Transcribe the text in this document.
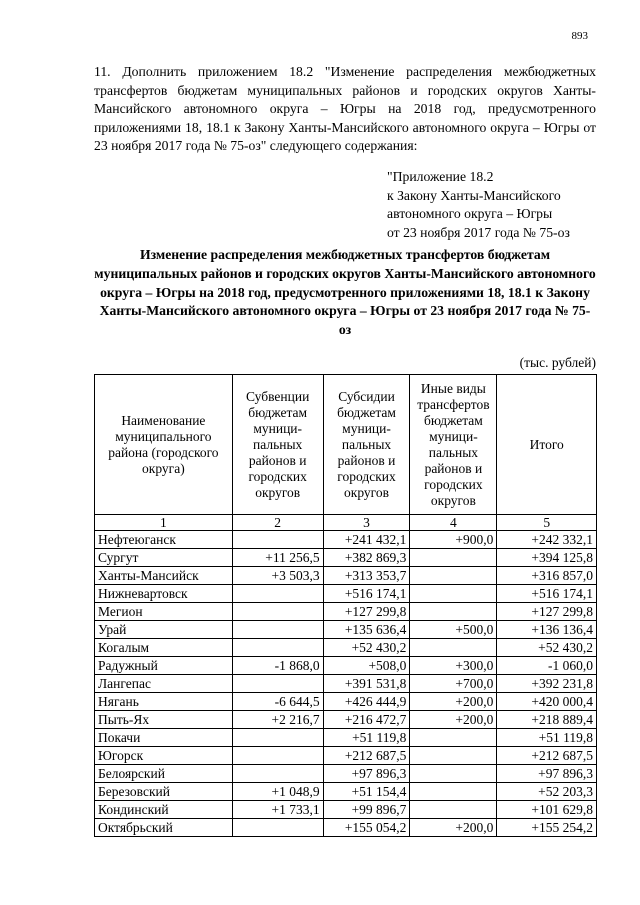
893
11. Дополнить приложением 18.2 "Изменение распределения межбюджетных трансфертов бюджетам муниципальных районов и городских округов Ханты-Мансийского автономного округа – Югры на 2018 год, предусмотренного приложениями 18, 18.1 к Закону Ханты-Мансийского автономного округа – Югры от 23 ноября 2017 года № 75-оз" следующего содержания:
"Приложение 18.2
к Закону Ханты-Мансийского
автономного округа – Югры
от 23 ноября 2017 года № 75-оз
Изменение распределения межбюджетных трансфертов бюджетам муниципальных районов и городских округов Ханты-Мансийского автономного округа – Югры на 2018 год, предусмотренного приложениями 18, 18.1 к Закону Ханты-Мансийского автономного округа – Югры от 23 ноября 2017 года № 75-оз
(тыс. рублей)
Наименование муниципального района (городского округа)	Субвенции бюджетам муници-пальных районов и городских округов	Субсидии бюджетам муници-пальных районов и городских округов	Иные виды трансфертов бюджетам муници-пальных районов и городских округов	Итого
1	2	3	4	5
Нефтеюганск		+241 432,1	+900,0	+242 332,1
Сургут	+11 256,5	+382 869,3		+394 125,8
Ханты-Мансийск	+3 503,3	+313 353,7		+316 857,0
Нижневартовск		+516 174,1		+516 174,1
Мегион		+127 299,8		+127 299,8
Урай		+135 636,4	+500,0	+136 136,4
Когалым		+52 430,2		+52 430,2
Радужный	-1 868,0	+508,0	+300,0	-1 060,0
Лангепас		+391 531,8	+700,0	+392 231,8
Нягань	-6 644,5	+426 444,9	+200,0	+420 000,4
Пыть-Ях	+2 216,7	+216 472,7	+200,0	+218 889,4
Покачи		+51 119,8		+51 119,8
Югорск		+212 687,5		+212 687,5
Белоярский		+97 896,3		+97 896,3
Березовский	+1 048,9	+51 154,4		+52 203,3
Кондинский	+1 733,1	+99 896,7		+101 629,8
Октябрьский		+155 054,2	+200,0	+155 254,2
